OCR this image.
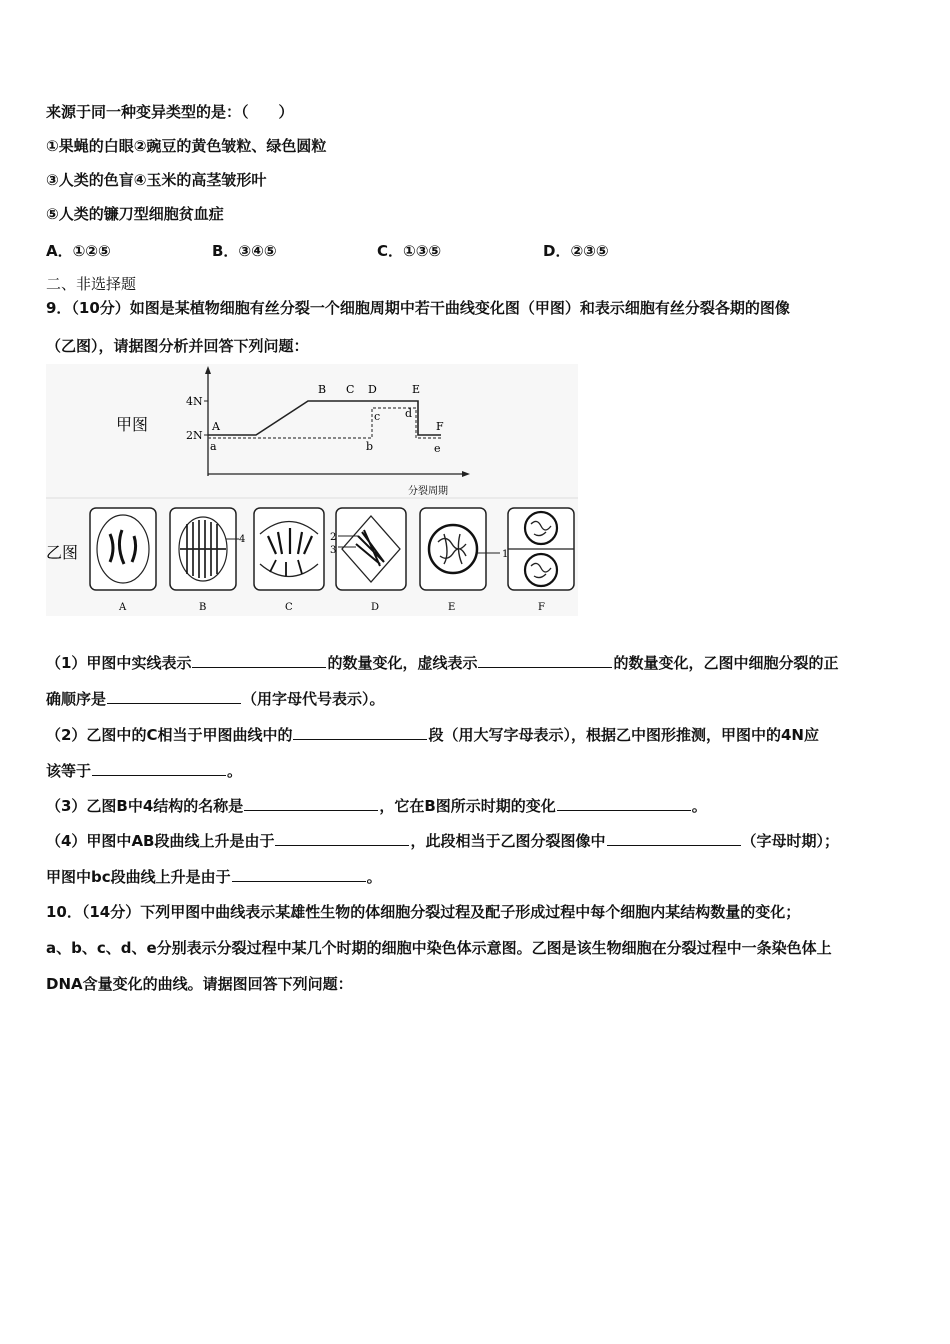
来源于同一种变异类型的是：（　　）
①果蝇的白眼②豌豆的黄色皱粒、绿色圆粒
③人类的色盲④玉米的高茎皱形叶
⑤人类的镰刀型细胞贫血症
A．①②⑤	B．③④⑤	C．①③⑤	D．②③⑤
二、非选择题
9．（10分）如图是某植物细胞有丝分裂一个细胞周期中若干曲线变化图（甲图）和表示细胞有丝分裂各期的图像
（乙图），请据图分析并回答下列问题：
甲图
4N
2N
A
B C D	E
F
a	b
c d
e
分裂周期
乙图
4	2
3	1
A	B	C	D	E	F
（1）甲图中实线表示	的数量变化，虚线表示	的数量变化，乙图中细胞分裂的正
确顺序是	（用字母代号表示）。
（2）乙图中的C相当于甲图曲线中的	段（用大写字母表示），根据乙中图形推测，甲图中的4N应
该等于	。
（3）乙图B中4结构的名称是	，它在B图所示时期的变化	。
（4）甲图中AB段曲线上升是由于	，此段相当于乙图分裂图像中	（字母时期）；
甲图中bc段曲线上升是由于	。
10．（14分）下列甲图中曲线表示某雄性生物的体细胞分裂过程及配子形成过程中每个细胞内某结构数量的变化；
a、b、c、d、e分别表示分裂过程中某几个时期的细胞中染色体示意图。乙图是该生物细胞在分裂过程中一条染色体上
DNA含量变化的曲线。请据图回答下列问题：
